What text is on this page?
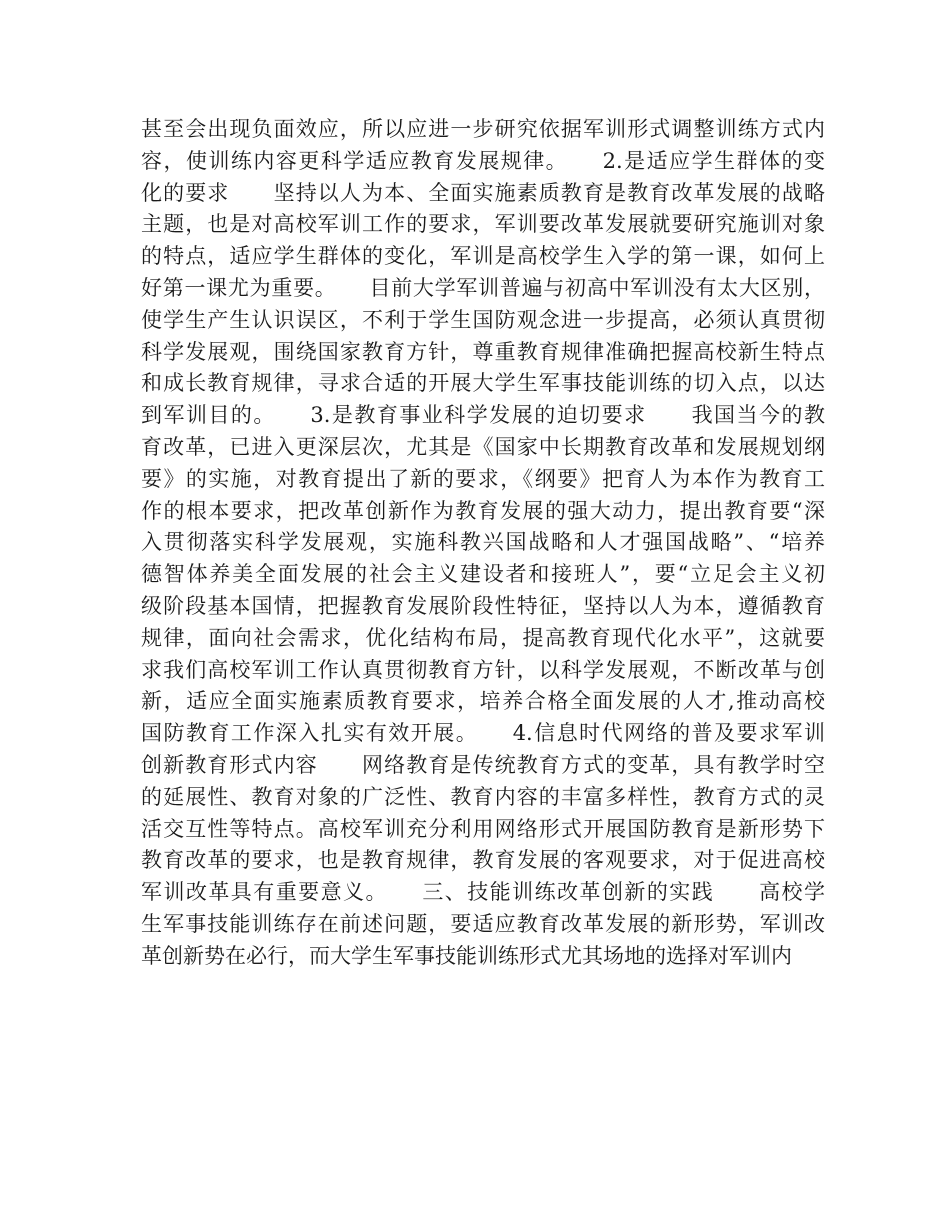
甚至会出现负面效应，所以应进一步研究依据军训形式调整训练方式内
容，使训练内容更科学适应教育发展规律。　　2.是适应学生群体的变
化的要求　　坚持以人为本、全面实施素质教育是教育改革发展的战略
主题，也是对高校军训工作的要求，军训要改革发展就要研究施训对象
的特点，适应学生群体的变化，军训是高校学生入学的第一课，如何上
好第一课尤为重要。　　目前大学军训普遍与初高中军训没有太大区别，
使学生产生认识误区，不利于学生国防观念进一步提高，必须认真贯彻
科学发展观，围绕国家教育方针，尊重教育规律准确把握高校新生特点
和成长教育规律，寻求合适的开展大学生军事技能训练的切入点，以达
到军训目的。　　3.是教育事业科学发展的迫切要求　　我国当今的教
育改革，已进入更深层次，尤其是《国家中长期教育改革和发展规划纲
要》的实施，对教育提出了新的要求，《纲要》把育人为本作为教育工
作的根本要求，把改革创新作为教育发展的强大动力，提出教育要“深
入贯彻落实科学发展观，实施科教兴国战略和人才强国战略”、“培养
德智体养美全面发展的社会主义建设者和接班人”，要“立足会主义初
级阶段基本国情，把握教育发展阶段性特征，坚持以人为本，遵循教育
规律，面向社会需求，优化结构布局，提高教育现代化水平”，这就要
求我们高校军训工作认真贯彻教育方针，以科学发展观，不断改革与创
新，适应全面实施素质教育要求，培养合格全面发展的人才,推动高校
国防教育工作深入扎实有效开展。　　4.信息时代网络的普及要求军训
创新教育形式内容　　网络教育是传统教育方式的变革，具有教学时空
的延展性、教育对象的广泛性、教育内容的丰富多样性，教育方式的灵
活交互性等特点。高校军训充分利用网络形式开展国防教育是新形势下
教育改革的要求，也是教育规律，教育发展的客观要求，对于促进高校
军训改革具有重要意义。　　三、技能训练改革创新的实践　　高校学
生军事技能训练存在前述问题，要适应教育改革发展的新形势，军训改
革创新势在必行，而大学生军事技能训练形式尤其场地的选择对军训内
